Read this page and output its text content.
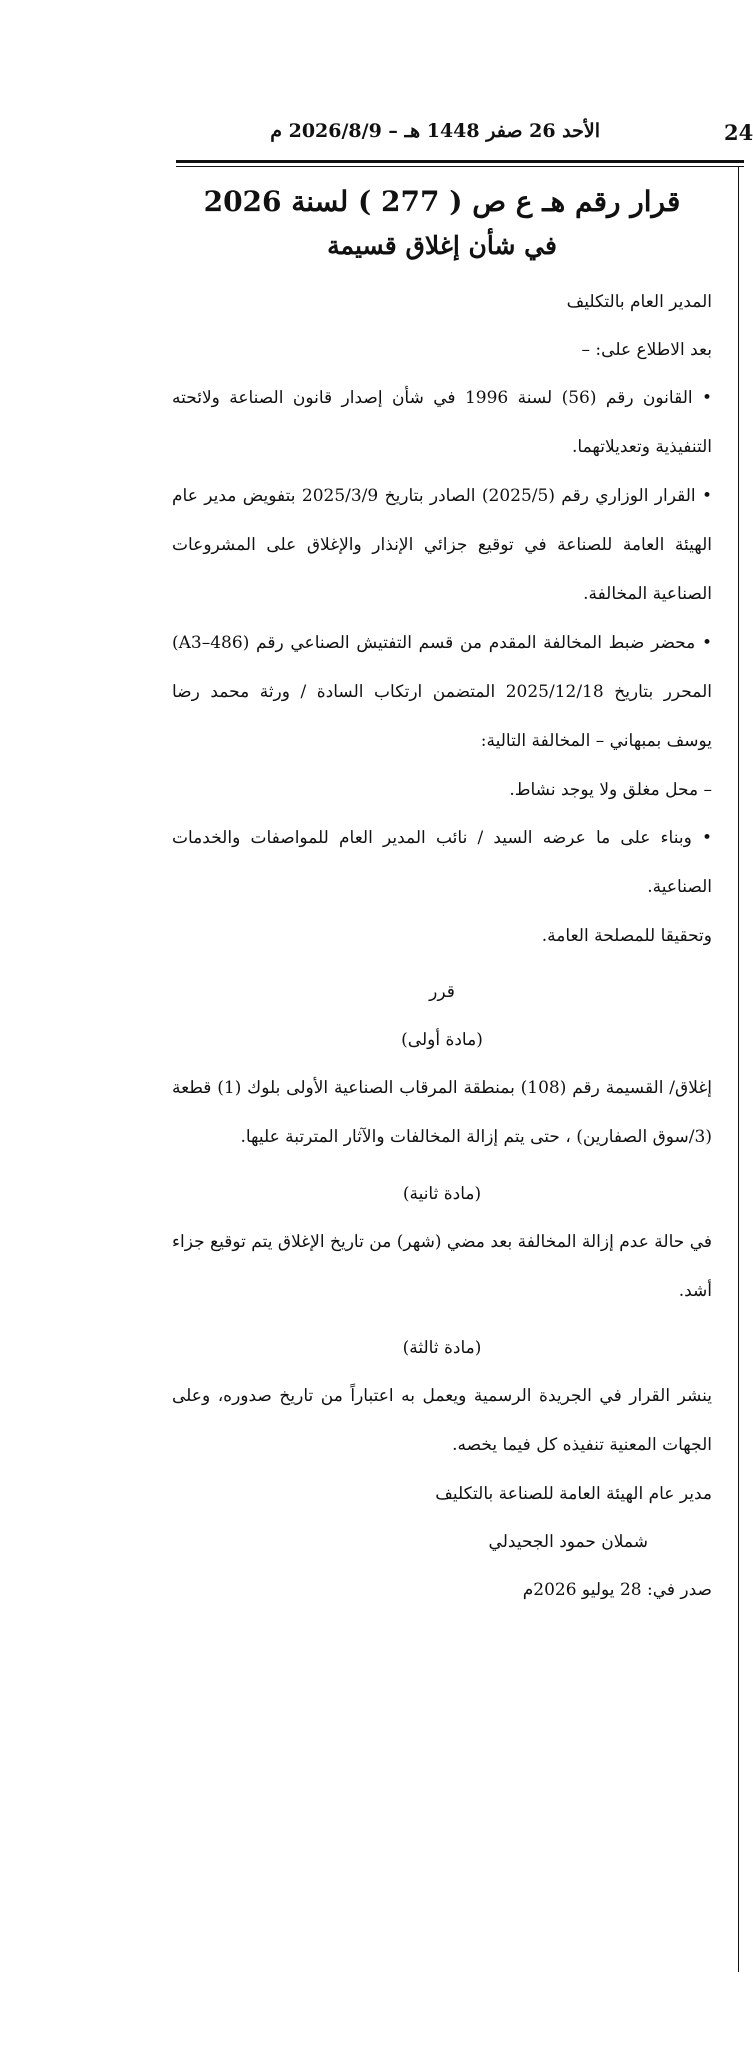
الأحد 26 صفر 1448 هـ – 2026/8/9 م	24
قرار رقم هـ ع ص ( 277 ) لسنة 2026
في شأن إغلاق قسيمة

المدير العام بالتكليف

بعد الاطلاع على: –

• القانون رقم (56) لسنة 1996 في شأن إصدار قانون الصناعة ولائحته التنفيذية وتعديلاتهما.

• القرار الوزاري رقم (2025/5) الصادر بتاريخ 2025/3/9 بتفويض مدير عام الهيئة العامة للصناعة في توقيع جزائي الإنذار والإغلاق على المشروعات الصناعية المخالفة.

• محضر ضبط المخالفة المقدم من قسم التفتيش الصناعي رقم (A3–486) المحرر بتاريخ 2025/12/18 المتضمن ارتكاب السادة / ورثة محمد رضا يوسف بمبهاني – المخالفة التالية:

– محل مغلق ولا يوجد نشاط.

• وبناء على ما عرضه السيد / نائب المدير العام للمواصفات والخدمات الصناعية.

وتحقيقا للمصلحة العامة.

قرر

(مادة أولى)

إغلاق/ القسيمة رقم (108) بمنطقة المرقاب الصناعية الأولى بلوك (1) قطعة (3/سوق الصفارين) ، حتى يتم إزالة المخالفات والآثار المترتبة عليها.

(مادة ثانية)

في حالة عدم إزالة المخالفة بعد مضي (شهر) من تاريخ الإغلاق يتم توقيع جزاء أشد.

(مادة ثالثة)

ينشر القرار في الجريدة الرسمية ويعمل به اعتباراً من تاريخ صدوره، وعلى الجهات المعنية تنفيذه كل فيما يخصه.

مدير عام الهيئة العامة للصناعة بالتكليف

شملان حمود الجحيدلي

صدر في: 28 يوليو 2026م
